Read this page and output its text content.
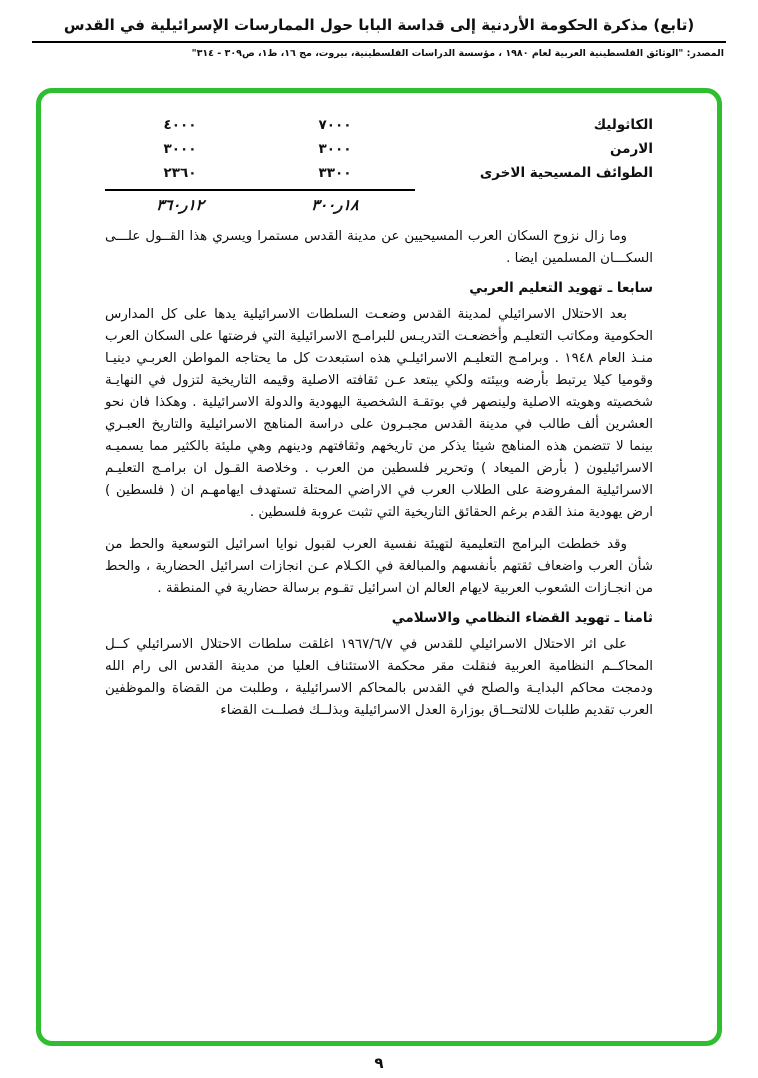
(تابع) مذكرة الحكومة الأردنية إلى قداسة البابا حول الممارسات الإسرائيلية في القدس
المصدر: "الوثائق الفلسطينية العربية لعام ١٩٨٠ ، مؤسسة الدراسات الفلسطينية، بيروت، مج ١٦، ط١، ص٣٠٩ - ٣١٤"
الكاثوليك
٧٠٠٠
٤٠٠٠
الارمن
٣٠٠٠
٣٠٠٠
الطوائف المسيحية الاخرى
٣٣٠٠
٢٣٦٠
١٨ر٣٠٠
١٢ر٣٦٠

وما زال نزوح السكان العرب المسيحيين عن مدينة القدس مستمرا ويسري هذا القــول علـــى السكـــان المسلمين ايضا .

سابعا ـ تهويد التعليم العربي

بعد الاحتلال الاسرائيلي لمدينة القدس وضعـت السلطات الاسرائيلية يدها على كل المدارس الحكومية ومكاتب التعليـم وأخضعـت التدريـس للبرامـج الاسرائيلية التي فرضتها على السكان العرب منـذ العام ١٩٤٨ . وبرامـج التعليـم الاسرائيلـي هذه استبعدت كل ما يحتاجه المواطن العربـي دينيـا وقوميا كيلا يرتبط بأرضه وبيئته ولكي يبتعد عـن ثقافته الاصلية وقيمه التاريخية لتزول في النهايـة شخصيته وهويته الاصلية ولينصهر في بوتقـة الشخصية اليهودية والدولة الاسرائيلية . وهكذا فان نحو العشرين ألف طالب في مدينة القدس مجبـرون على دراسة المناهج الاسرائيلية والتاريخ العبـري بينما لا تتضمن هذه المناهج شيئا يذكر من تاريخهم وثقافتهم ودينهم وهي مليئة بالكثير مما يسميـه الاسرائيليون ( بأرض الميعاد ) وتحرير فلسطين من العرب . وخلاصة القـول ان برامـج التعليـم الاسرائيلية المفروضة على الطلاب العرب في الاراضي المحتلة تستهدف ايهامهـم ان ( فلسطين ) ارض يهودية منذ القدم برغم الحقائق التاريخية التي تثبت عروبة فلسطين .

وقد خططت البرامج التعليمية لتهيئة نفسية العرب لقبول نوايا اسرائيل التوسعية والحط من شأن العرب واضعاف ثقتهم بأنفسهم والمبالغة في الكـلام عـن انجازات اسرائيل الحضارية ، والحط من انجـازات الشعوب العربية لايهام العالم ان اسرائيل تقـوم برسالة حضارية في المنطقة .

ثامنا ـ تهويد القضاء النظامي والاسلامي

على اثر الاحتلال الاسرائيلي للقدس في ١٩٦٧/٦/٧ اغلقت سلطات الاحتلال الاسرائيلي كــل المحاكــم النظامية العربية فنقلت مقر محكمة الاستئناف العليا من مدينة القدس الى رام الله ودمجت محاكم البدايـة والصلح في القدس بالمحاكم الاسرائيلية ، وطلبت من القضاة والموظفين العرب تقديم طلبات للالتحــاق بوزارة العدل الاسرائيلية وبذلــك فصلــت القضاء

٩
